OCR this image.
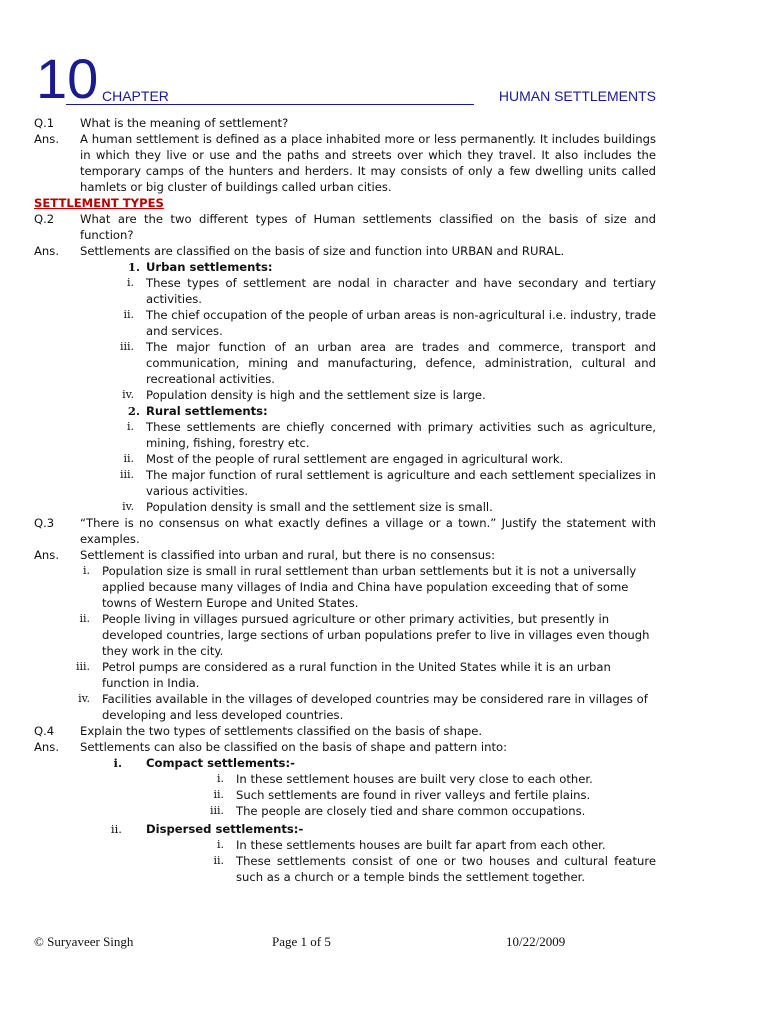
10 CHAPTER	HUMAN SETTLEMENTS
Q.1	What is the meaning of settlement?
Ans.	A human settlement is defined as a place inhabited more or less permanently. It includes buildings in which they live or use and the paths and streets over which they travel. It also includes the temporary camps of the hunters and herders. It may consists of only a few dwelling units called hamlets or big cluster of buildings called urban cities.
SETTLEMENT TYPES
Q.2	What are the two different types of Human settlements classified on the basis of size and function?
Ans.	Settlements are classified on the basis of size and function into URBAN and RURAL.
1. Urban settlements:
i.	These types of settlement are nodal in character and have secondary and tertiary activities.
ii.	The chief occupation of the people of urban areas is non-agricultural i.e. industry, trade and services.
iii.	The major function of an urban area are trades and commerce, transport and communication, mining and manufacturing, defence, administration, cultural and recreational activities.
iv.	Population density is high and the settlement size is large.
2. Rural settlements:
i.	These settlements are chiefly concerned with primary activities such as agriculture, mining, fishing, forestry etc.
ii.	Most of the people of rural settlement are engaged in agricultural work.
iii.	The major function of rural settlement is agriculture and each settlement specializes in various activities.
iv.	Population density is small and the settlement size is small.
Q.3	“There is no consensus on what exactly defines a village or a town.” Justify the statement with examples.
Ans.	Settlement is classified into urban and rural, but there is no consensus:
i.	Population size is small in rural settlement than urban settlements but it is not a universally applied because many villages of India and China have population exceeding that of some towns of Western Europe and United States.
ii.	People living in villages pursued agriculture or other primary activities, but presently in developed countries, large sections of urban populations prefer to live in villages even though they work in the city.
iii.	Petrol pumps are considered as a rural function in the United States while it is an urban function in India.
iv.	Facilities available in the villages of developed countries may be considered rare in villages of developing and less developed countries.
Q.4	Explain the two types of settlements classified on the basis of shape.
Ans.	Settlements can also be classified on the basis of shape and pattern into:
i.	Compact settlements:-
i.	In these settlement houses are built very close to each other.
ii.	Such settlements are found in river valleys and fertile plains.
iii.	The people are closely tied and share common occupations.
ii.	Dispersed settlements:-
i.	In these settlements houses are built far apart from each other.
ii.	These settlements consist of one or two houses and cultural feature such as a church or a temple binds the settlement together.
© Suryaveer Singh	Page 1 of 5	10/22/2009
